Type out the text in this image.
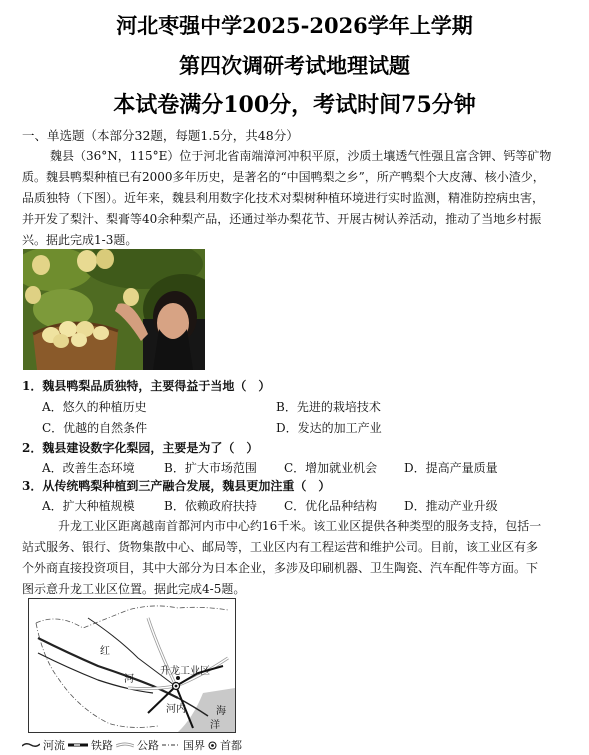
河北枣强中学2025-2026学年上学期
第四次调研考试地理试题
本试卷满分100分，考试时间75分钟
一、单选题（本部分32题，每题1.5分，共48分）
魏县（36°N，115°E）位于河北省南端漳河冲积平原，沙质土壤透气性强且富含钾、钙等矿物
质。魏县鸭梨种植已有2000多年历史，是著名的“中国鸭梨之乡”，所产鸭梨个大皮薄、核小渣少，
品质独特（下图）。近年来，魏县利用数字化技术对梨树种植环境进行实时监测，精准防控病虫害，
并开发了梨汁、梨膏等40余种梨产品，还通过举办梨花节、开展古树认养活动，推动了当地乡村振
兴。据此完成1-3题。
1．魏县鸭梨品质独特，主要得益于当地（　）
A．悠久的种植历史	B．先进的栽培技术
C．优越的自然条件	D．发达的加工产业
2．魏县建设数字化梨园，主要是为了（　）
A．改善生态环境 B．扩大市场范围 C．增加就业机会 D．提高产量质量
3．从传统鸭梨种植到三产融合发展，魏县更加注重（　）
A．扩大种植规模 B．依赖政府扶持 C．优化品种结构 D．推动产业升级
升龙工业区距离越南首都河内市中心约16千米。该工业区提供各种类型的服务支持，包括一
站式服务、银行、货物集散中心、邮局等，工业区内有工程运营和维护公司。目前，该工业区有多
个外商直接投资项目，其中大部分为日本企业，多涉及印刷机器、卫生陶瓷、汽车配件等方面。下
图示意升龙工业区位置。据此完成4-5题。
红
河
升龙工业区
河内	海
洋
河流 铁路 公路 国界 首都
